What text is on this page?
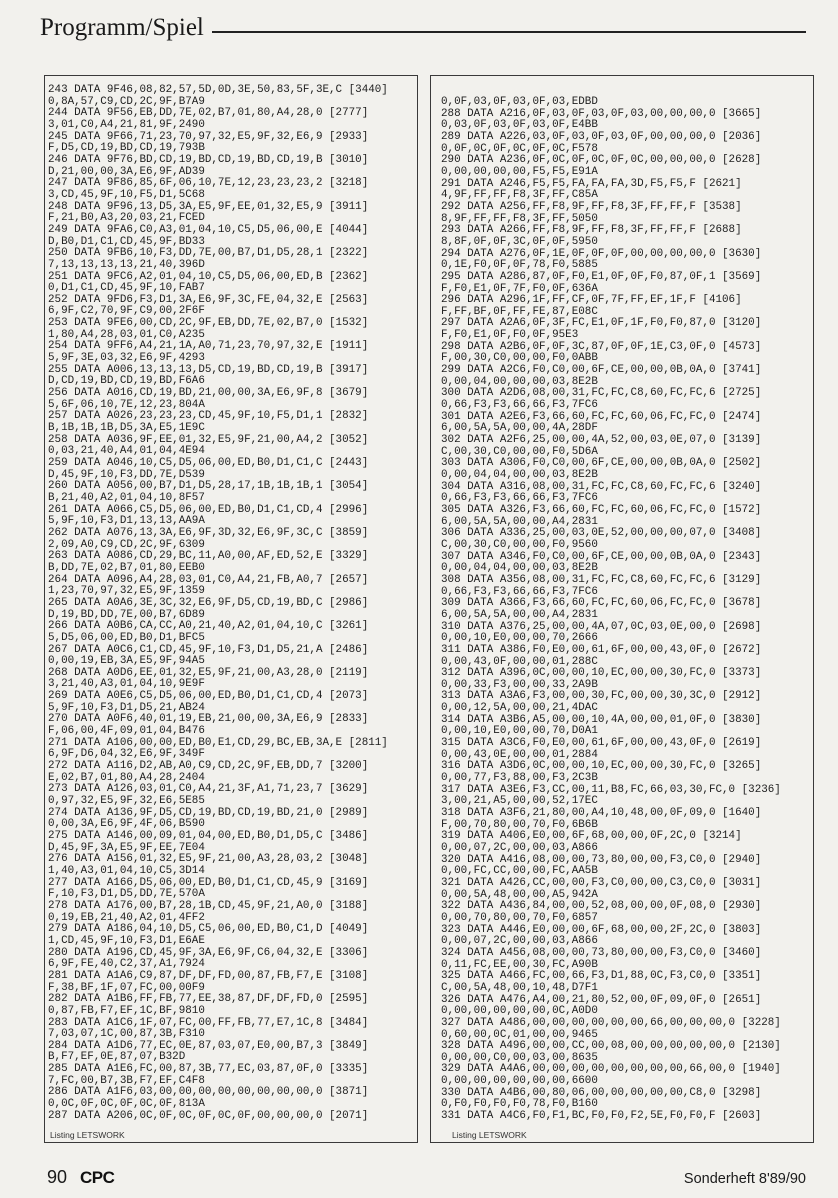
Programm/Spiel
243 DATA 9F46,08,82,57,5D,0D,3E,50,83,5F,3E,C [3440]
0,8A,57,C9,CD,2C,9F,B7A9
244 DATA 9F56,EB,DD,7E,02,B7,01,80,A4,28,0 [2777]
3,01,C0,A4,21,81,9F,2490
245 DATA 9F66,71,23,70,97,32,E5,9F,32,E6,9 [2933]
F,D5,CD,19,BD,CD,19,793B
246 DATA 9F76,BD,CD,19,BD,CD,19,BD,CD,19,B [3010]
D,21,00,00,3A,E6,9F,AD39
247 DATA 9F86,85,6F,06,10,7E,12,23,23,23,2 [3218]
3,CD,45,9F,10,F5,D1,5C68
248 DATA 9F96,13,D5,3A,E5,9F,EE,01,32,E5,9 [3911]
F,21,B0,A3,20,03,21,FCED
249 DATA 9FA6,C0,A3,01,04,10,C5,D5,06,00,E [4044]
D,B0,D1,C1,CD,45,9F,BD33
250 DATA 9FB6,10,F3,DD,7E,00,B7,D1,D5,28,1 [2322]
7,13,13,13,13,21,40,396D
251 DATA 9FC6,A2,01,04,10,C5,D5,06,00,ED,B [2362]
0,D1,C1,CD,45,9F,10,FAB7
252 DATA 9FD6,F3,D1,3A,E6,9F,3C,FE,04,32,E [2563]
6,9F,C2,70,9F,C9,00,2F6F
253 DATA 9FE6,00,CD,2C,9F,EB,DD,7E,02,B7,0 [1532]
1,80,A4,28,03,01,C0,A235
254 DATA 9FF6,A4,21,1A,A0,71,23,70,97,32,E [1911]
5,9F,3E,03,32,E6,9F,4293
255 DATA A006,13,13,13,D5,CD,19,BD,CD,19,B [3917]
D,CD,19,BD,CD,19,BD,F6A6
256 DATA A016,CD,19,BD,21,00,00,3A,E6,9F,8 [3679]
5,6F,06,10,7E,12,23,804A
257 DATA A026,23,23,23,CD,45,9F,10,F5,D1,1 [2832]
B,1B,1B,1B,D5,3A,E5,1E9C
258 DATA A036,9F,EE,01,32,E5,9F,21,00,A4,2 [3052]
0,03,21,40,A4,01,04,4E94
259 DATA A046,10,C5,D5,06,00,ED,B0,D1,C1,C [2443]
D,45,9F,10,F3,DD,7E,D539
260 DATA A056,00,B7,D1,D5,28,17,1B,1B,1B,1 [3054]
B,21,40,A2,01,04,10,8F57
261 DATA A066,C5,D5,06,00,ED,B0,D1,C1,CD,4 [2996]
5,9F,10,F3,D1,13,13,AA9A
262 DATA A076,13,3A,E6,9F,3D,32,E6,9F,3C,C [3859]
2,09,A0,C9,CD,2C,9F,6309
263 DATA A086,CD,29,BC,11,A0,00,AF,ED,52,E [3329]
B,DD,7E,02,B7,01,80,EEB0
264 DATA A096,A4,28,03,01,C0,A4,21,FB,A0,7 [2657]
1,23,70,97,32,E5,9F,1359
265 DATA A0A6,3E,3C,32,E6,9F,D5,CD,19,BD,C [2986]
D,19,BD,DD,7E,00,B7,6D89
266 DATA A0B6,CA,CC,A0,21,40,A2,01,04,10,C [3261]
5,D5,06,00,ED,B0,D1,BFC5
267 DATA A0C6,C1,CD,45,9F,10,F3,D1,D5,21,A [2486]
0,00,19,EB,3A,E5,9F,94A5
268 DATA A0D6,EE,01,32,E5,9F,21,00,A3,28,0 [2119]
3,21,40,A3,01,04,10,9E9F
269 DATA A0E6,C5,D5,06,00,ED,B0,D1,C1,CD,4 [2073]
5,9F,10,F3,D1,D5,21,AB24
270 DATA A0F6,40,01,19,EB,21,00,00,3A,E6,9 [2833]
F,06,00,4F,09,01,04,B476
271 DATA A106,00,00,ED,B0,E1,CD,29,BC,EB,3A,E [2811]
6,9F,D6,04,32,E6,9F,349F
272 DATA A116,D2,AB,A0,C9,CD,2C,9F,EB,DD,7 [3200]
E,02,B7,01,80,A4,28,2404
273 DATA A126,03,01,C0,A4,21,3F,A1,71,23,7 [3629]
0,97,32,E5,9F,32,E6,5E85
274 DATA A136,9F,D5,CD,19,BD,CD,19,BD,21,0 [2989]
0,00,3A,E6,9F,4F,06,B590
275 DATA A146,00,09,01,04,00,ED,B0,D1,D5,C [3486]
D,45,9F,3A,E5,9F,EE,7E04
276 DATA A156,01,32,E5,9F,21,00,A3,28,03,2 [3048]
1,40,A3,01,04,10,C5,3D14
277 DATA A166,D5,06,00,ED,B0,D1,C1,CD,45,9 [3169]
F,10,F3,D1,D5,DD,7E,570A
278 DATA A176,00,B7,28,1B,CD,45,9F,21,A0,0 [3188]
0,19,EB,21,40,A2,01,4FF2
279 DATA A186,04,10,D5,C5,06,00,ED,B0,C1,D [4049]
1,CD,45,9F,10,F3,D1,E6AE
280 DATA A196,CD,45,9F,3A,E6,9F,C6,04,32,E [3306]
6,9F,FE,40,C2,37,A1,7924
281 DATA A1A6,C9,87,DF,DF,FD,00,87,FB,F7,E [3108]
F,38,BF,1F,07,FC,00,00F9
282 DATA A1B6,FF,FB,77,EE,38,87,DF,DF,FD,0 [2595]
0,87,FB,F7,EF,1C,BF,9810
283 DATA A1C6,1F,07,FC,00,FF,FB,77,E7,1C,8 [3484]
7,03,07,1C,00,87,3B,F310
284 DATA A1D6,77,EC,0E,87,03,07,E0,00,B7,3 [3849]
B,F7,EF,0E,87,07,B32D
285 DATA A1E6,FC,00,87,3B,77,EC,03,87,0F,0 [3335]
7,FC,00,B7,3B,F7,EF,C4F8
286 DATA A1F6,03,00,00,00,00,00,00,00,00,0 [3871]
0,0C,0F,0C,0F,0C,0F,813A
287 DATA A206,0C,0F,0C,0F,0C,0F,00,00,00,0 [2071]
Listing LETSWORK
0,0F,03,0F,03,0F,03,EDBD
288 DATA A216,0F,03,0F,03,0F,03,00,00,00,0 [3665]
0,03,0F,03,0F,03,0F,E4BB
289 DATA A226,03,0F,03,0F,03,0F,00,00,00,0 [2036]
0,0F,0C,0F,0C,0F,0C,F578
290 DATA A236,0F,0C,0F,0C,0F,0C,00,00,00,0 [2628]
0,00,00,00,00,F5,F5,E91A
291 DATA A246,F5,F5,FA,FA,FA,3D,F5,F5,F [2621]
4,9F,FF,FF,F8,3F,FF,C85A
292 DATA A256,FF,F8,9F,FF,F8,3F,FF,FF,F [3538]
8,9F,FF,FF,F8,3F,FF,5050
293 DATA A266,FF,F8,9F,FF,F8,3F,FF,FF,F [2688]
8,8F,0F,0F,3C,0F,0F,5950
294 DATA A276,0F,1E,0F,0F,0F,00,00,00,00,0 [3630]
0,1E,F0,0F,0F,78,F0,5885
295 DATA A286,87,0F,F0,E1,0F,0F,F0,87,0F,1 [3569]
F,F0,E1,0F,7F,F0,0F,636A
296 DATA A296,1F,FF,CF,0F,7F,FF,EF,1F,F [4106]
F,FF,BF,0F,FF,FE,87,E08C
297 DATA A2A6,0F,3F,FC,E1,0F,1F,F0,F0,87,0 [3120]
F,F0,E1,0F,F0,0F,95E3
298 DATA A2B6,0F,0F,3C,87,0F,0F,1E,C3,0F,0 [4573]
F,00,30,C0,00,00,F0,0ABB
299 DATA A2C6,F0,C0,00,6F,CE,00,00,0B,0A,0 [3741]
0,00,04,00,00,00,03,8E2B
300 DATA A2D6,08,00,31,FC,FC,C8,60,FC,FC,6 [2725]
0,66,F3,F3,66,66,F3,7FC6
301 DATA A2E6,F3,66,60,FC,FC,60,06,FC,FC,0 [2474]
6,00,5A,5A,00,00,4A,28DF
302 DATA A2F6,25,00,00,4A,52,00,03,0E,07,0 [3139]
C,00,30,C0,00,00,F0,5D6A
303 DATA A306,F0,C0,00,6F,CE,00,00,0B,0A,0 [2502]
0,00,04,04,00,00,03,8E2B
304 DATA A316,08,00,31,FC,FC,C8,60,FC,FC,6 [3240]
0,66,F3,F3,66,66,F3,7FC6
305 DATA A326,F3,66,60,FC,FC,60,06,FC,FC,0 [1572]
6,00,5A,5A,00,00,A4,2831
306 DATA A336,25,00,03,0E,52,00,00,00,07,0 [3408]
C,00,30,C0,00,00,F0,9560
307 DATA A346,F0,C0,00,6F,CE,00,00,0B,0A,0 [2343]
0,00,04,04,00,00,03,8E2B
308 DATA A356,08,00,31,FC,FC,C8,60,FC,FC,6 [3129]
0,66,F3,F3,66,66,F3,7FC6
309 DATA A366,F3,66,60,FC,FC,60,06,FC,FC,0 [3678]
6,00,5A,5A,00,00,A4,2831
310 DATA A376,25,00,00,4A,07,0C,03,0E,00,0 [2698]
0,00,10,E0,00,00,70,2666
311 DATA A386,F0,E0,00,61,6F,00,00,43,0F,0 [2672]
0,00,43,0F,00,00,01,288C
312 DATA A396,0C,00,00,10,EC,00,00,30,FC,0 [3373]
0,00,33,F3,00,00,33,2A9B
313 DATA A3A6,F3,00,00,30,FC,00,00,30,3C,0 [2912]
0,00,12,5A,00,00,21,4DAC
314 DATA A3B6,A5,00,00,10,4A,00,00,01,0F,0 [3830]
0,00,10,E0,00,00,70,D0A1
315 DATA A3C6,F0,E0,00,61,6F,00,00,43,0F,0 [2619]
0,00,43,0E,00,00,01,2884
316 DATA A3D6,0C,00,00,10,EC,00,00,30,FC,0 [3265]
0,00,77,F3,88,00,F3,2C3B
317 DATA A3E6,F3,CC,00,11,B8,FC,66,03,30,FC,0 [3236]
3,00,21,A5,00,00,52,17EC
318 DATA A3F6,21,80,00,A4,10,48,00,0F,09,0 [1640]
F,00,70,80,00,70,F0,6B6B
319 DATA A406,E0,00,6F,68,00,00,0F,2C,0 [3214]
0,00,07,2C,00,00,03,A866
320 DATA A416,08,00,00,73,80,00,00,F3,C0,0 [2940]
0,00,FC,CC,00,00,FC,AA5B
321 DATA A426,CC,00,00,F3,C0,00,00,C3,C0,0 [3031]
0,00,5A,48,00,00,A5,942A
322 DATA A436,84,00,00,52,08,00,00,0F,08,0 [2930]
0,00,70,80,00,70,F0,6857
323 DATA A446,E0,00,00,6F,68,00,00,2F,2C,0 [3803]
0,00,07,2C,00,00,03,A866
324 DATA A456,08,00,00,73,80,00,00,F3,C0,0 [3460]
0,11,FC,EE,00,30,FC,A90B
325 DATA A466,FC,00,66,F3,D1,88,0C,F3,C0,0 [3351]
C,00,5A,48,00,10,48,D7F1
326 DATA A476,A4,00,21,80,52,00,0F,09,0F,0 [2651]
0,00,00,00,00,00,0C,A0D0
327 DATA A486,00,00,00,00,00,00,66,00,00,00,0 [3228]
0,60,00,0C,01,00,00,9465
328 DATA A496,00,00,CC,00,08,00,00,00,00,00,0 [2130]
0,00,00,C0,00,03,00,8635
329 DATA A4A6,00,00,00,00,00,00,00,00,66,00,0 [1940]
0,00,00,00,00,00,00,6600
330 DATA A4B6,00,80,06,00,00,00,00,00,C8,0 [3298]
0,F0,F0,F0,F0,78,F0,B160
331 DATA A4C6,F0,F1,BC,F0,F0,F2,5E,F0,F0,F [2603]
Listing LETSWORK
90 CPC	Sonderheft 8'89/90
